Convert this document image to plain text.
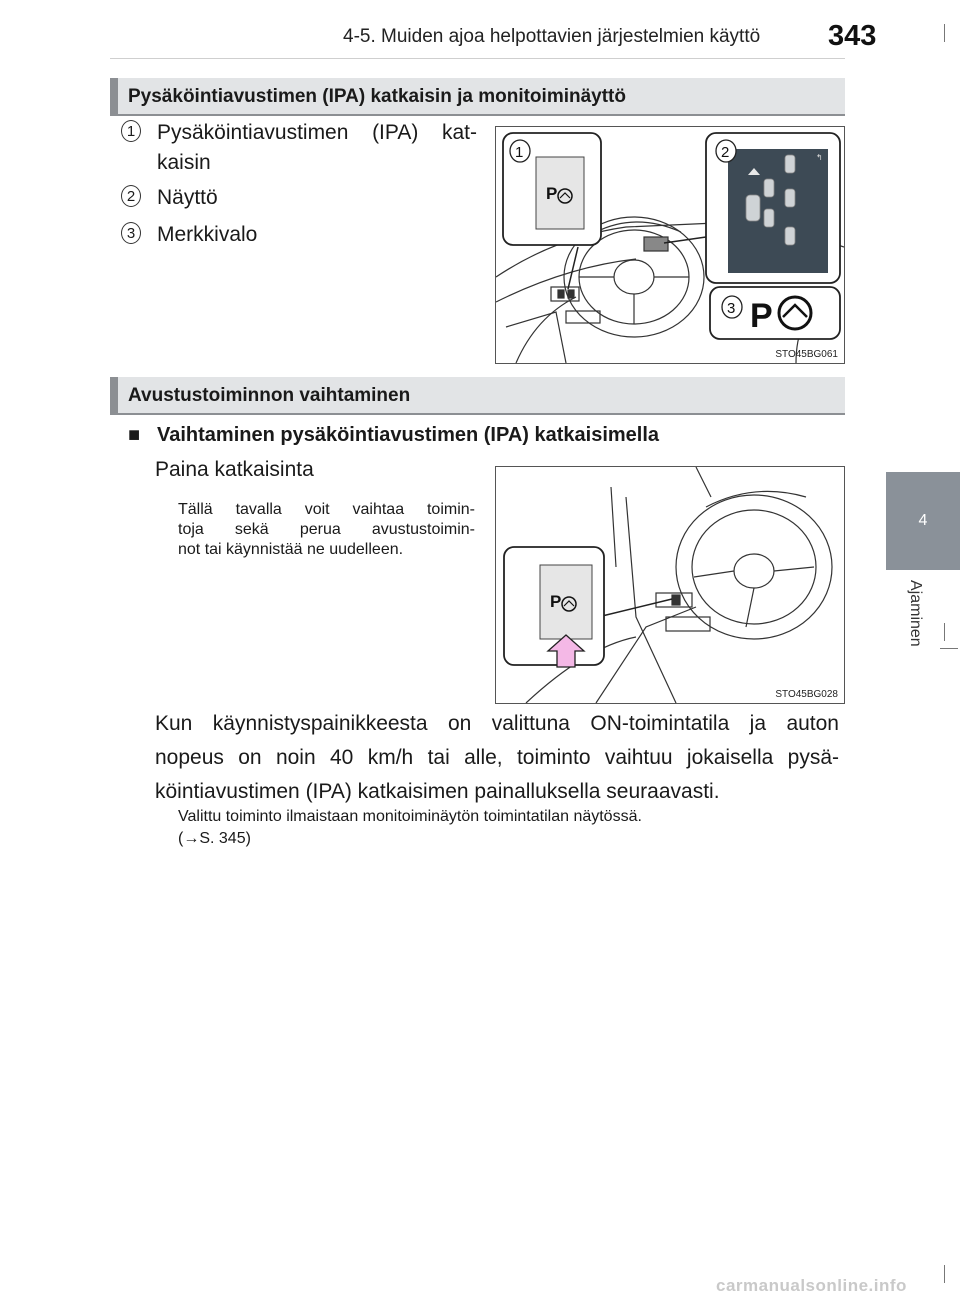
4-5. Muiden ajoa helpottavien järjestelmien käyttö 343
4
Ajaminen
Pysäköintiavustimen (IPA) katkaisin ja monitoiminäyttö
1 Pysäköintiavustimen (IPA) kat-
kaisin
2 Näyttö
3 Merkkivalo
P
↰
P
1	2
3
STO45BG061
Avustustoiminnon vaihtaminen
■ Vaihtaminen pysäköintiavustimen (IPA) katkaisimella
Paina katkaisinta
Tällä tavalla voit vaihtaa toimin-
toja sekä perua avustustoimin-
not tai käynnistää ne uudelleen.
P
STO45BG028
Kun käynnistyspainikkeesta on valittuna ON-toimintatila ja auton
nopeus on noin 40 km/h tai alle, toiminto vaihtuu jokaisella pysä-
köintiavustimen (IPA) katkaisimen painalluksella seuraavasti.
Valittu toiminto ilmaistaan monitoiminäytön toimintatilan näytössä.
(→S. 345)
carmanualsonline.info
